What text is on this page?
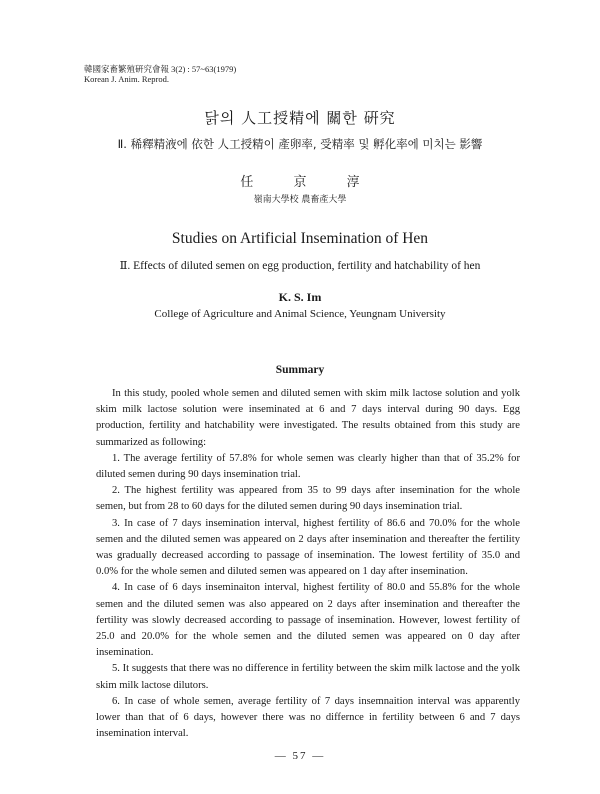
韓國家畜繁殖硏究會報 3(2) : 57~63(1979)
Korean J. Anim. Reprod.
닭의 人工授精에 關한 硏究
Ⅱ. 稀釋精液에 依한 人工授精이 產卵率, 受精率 및 孵化率에 미치는 影響
任 京 淳
嶺南大學校 農畜產大學
Studies on Artificial Insemination of Hen
Ⅱ. Effects of diluted semen on egg production, fertility and hatchability of hen
K. S. Im
College of Agriculture and Animal Science, Yeungnam University
Summary

In this study, pooled whole semen and diluted semen with skim milk lactose solution and yolk skim milk lactose solution were inseminated at 6 and 7 days interval during 90 days. Egg production, fertility and hatchability were investigated. The results obtained from this study are summarized as following:

1. The average fertility of 57.8% for whole semen was clearly higher than that of 35.2% for diluted semen during 90 days insemination trial.

2. The highest fertility was appeared from 35 to 99 days after insemination for the whole semen, but from 28 to 60 days for the diluted semen during 90 days insemination trial.

3. In case of 7 days insemination interval, highest fertility of 86.6 and 70.0% for the whole semen and the diluted semen was appeared on 2 days after insemination and thereafter the fertility was gradually decreased according to passage of insemination. The lowest fertility of 35.0 and 0.0% for the whole semen and diluted semen was appeared on 1 day after insemination.

4. In case of 6 days inseminaiton interval, highest fertility of 80.0 and 55.8% for the whole semen and the diluted semen was also appeared on 2 days after insemination and thereafter the fertility was slowly decreased according to passage of insemination. However, lowest fertility of 25.0 and 20.0% for the whole semen and the diluted semen was appeared on 0 day after insemination.

5. It suggests that there was no difference in fertility between the skim milk lactose and the yolk skim milk lactose dilutors.

6. In case of whole semen, average fertility of 7 days insemnaition interval was apparently lower than that of 6 days, however there was no differnce in fertility between 6 and 7 days insemination interval.

— 57 —
